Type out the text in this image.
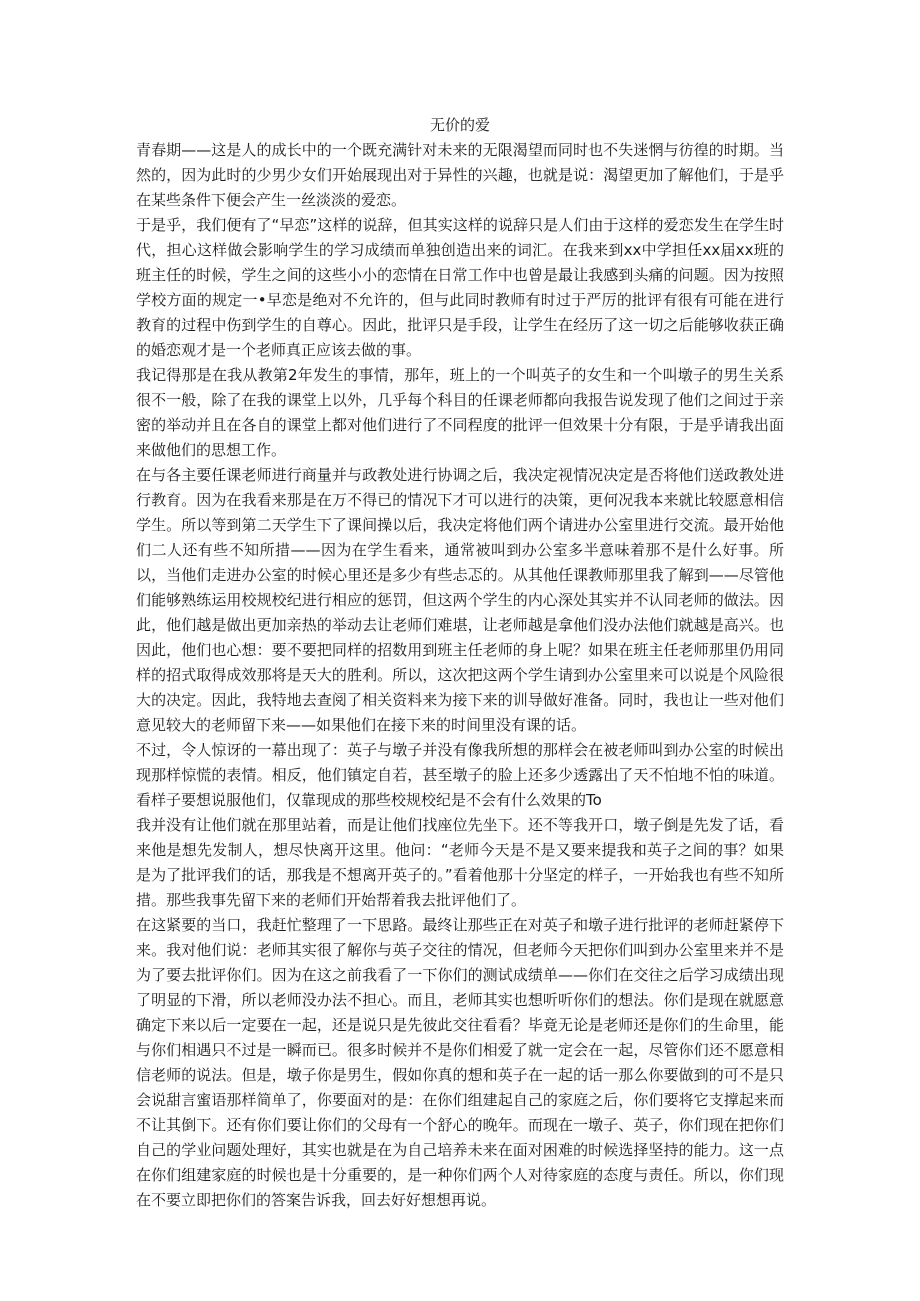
无价的爱

青春期——这是人的成长中的一个既充满针对未来的无限渴望而同时也不失迷惘与彷徨的时期。当然的，因为此时的少男少女们开始展现出对于异性的兴趣，也就是说：渴望更加了解他们，于是乎在某些条件下便会产生一丝淡淡的爱恋。

于是乎，我们便有了“早恋”这样的说辞，但其实这样的说辞只是人们由于这样的爱恋发生在学生时代，担心这样做会影响学生的学习成绩而单独创造出来的词汇。在我来到xx中学担任xx届xx班的班主任的时候，学生之间的这些小小的恋情在日常工作中也曾是最让我感到头痛的问题。因为按照学校方面的规定一•早恋是绝对不允许的，但与此同时教师有时过于严厉的批评有很有可能在进行教育的过程中伤到学生的自尊心。因此，批评只是手段，让学生在经历了这一切之后能够收获正确的婚恋观才是一个老师真正应该去做的事。

我记得那是在我从教第2年发生的事情，那年，班上的一个叫英子的女生和一个叫墩子的男生关系很不一般，除了在我的课堂上以外，几乎每个科目的任课老师都向我报告说发现了他们之间过于亲密的举动并且在各自的课堂上都对他们进行了不同程度的批评一但效果十分有限，于是乎请我出面来做他们的思想工作。

在与各主要任课老师进行商量并与政教处进行协调之后，我决定视情况决定是否将他们送政教处进行教育。因为在我看来那是在万不得已的情况下才可以进行的决策，更何况我本来就比较愿意相信学生。所以等到第二天学生下了课间操以后，我决定将他们两个请进办公室里进行交流。最开始他们二人还有些不知所措——因为在学生看来，通常被叫到办公室多半意味着那不是什么好事。所以，当他们走进办公室的时候心里还是多少有些忐忑的。从其他任课教师那里我了解到——尽管他们能够熟练运用校规校纪进行相应的惩罚，但这两个学生的内心深处其实并不认同老师的做法。因此，他们越是做出更加亲热的举动去让老师们难堪，让老师越是拿他们没办法他们就越是高兴。也因此，他们也心想：要不要把同样的招数用到班主任老师的身上呢？如果在班主任老师那里仍用同样的招式取得成效那将是天大的胜利。所以，这次把这两个学生请到办公室里来可以说是个风险很大的决定。因此，我特地去查阅了相关资料来为接下来的训导做好准备。同时，我也让一些对他们意见较大的老师留下来——如果他们在接下来的时间里没有课的话。

不过，令人惊讶的一幕出现了：英子与墩子并没有像我所想的那样会在被老师叫到办公室的时候出现那样惊慌的表情。相反，他们镇定自若，甚至墩子的脸上还多少透露出了天不怕地不怕的味道。看样子要想说服他们，仅靠现成的那些校规校纪是不会有什么效果的To

我并没有让他们就在那里站着，而是让他们找座位先坐下。还不等我开口，墩子倒是先发了话，看来他是想先发制人，想尽快离开这里。他问：“老师今天是不是又要来提我和英子之间的事？如果是为了批评我们的话，那我是不想离开英子的。”看着他那十分坚定的样子，一开始我也有些不知所措。那些我事先留下来的老师们开始帮着我去批评他们了。

在这紧要的当口，我赶忙整理了一下思路。最终让那些正在对英子和墩子进行批评的老师赶紧停下来。我对他们说：老师其实很了解你与英子交往的情况，但老师今天把你们叫到办公室里来并不是为了要去批评你们。因为在这之前我看了一下你们的测试成绩单——你们在交往之后学习成绩出现了明显的下滑，所以老师没办法不担心。而且，老师其实也想听听你们的想法。你们是现在就愿意确定下来以后一定要在一起，还是说只是先彼此交往看看？毕竟无论是老师还是你们的生命里，能与你们相遇只不过是一瞬而已。很多时候并不是你们相爱了就一定会在一起，尽管你们还不愿意相信老师的说法。但是，墩子你是男生，假如你真的想和英子在一起的话一那么你要做到的可不是只会说甜言蜜语那样简单了，你要面对的是：在你们组建起自己的家庭之后，你们要将它支撑起来而不让其倒下。还有你们要让你们的父母有一个舒心的晚年。而现在一墩子、英子，你们现在把你们自己的学业问题处理好，其实也就是在为自己培养未来在面对困难的时候选择坚持的能力。这一点在你们组建家庭的时候也是十分重要的，是一种你们两个人对待家庭的态度与责任。所以，你们现在不要立即把你们的答案告诉我，回去好好想想再说。
